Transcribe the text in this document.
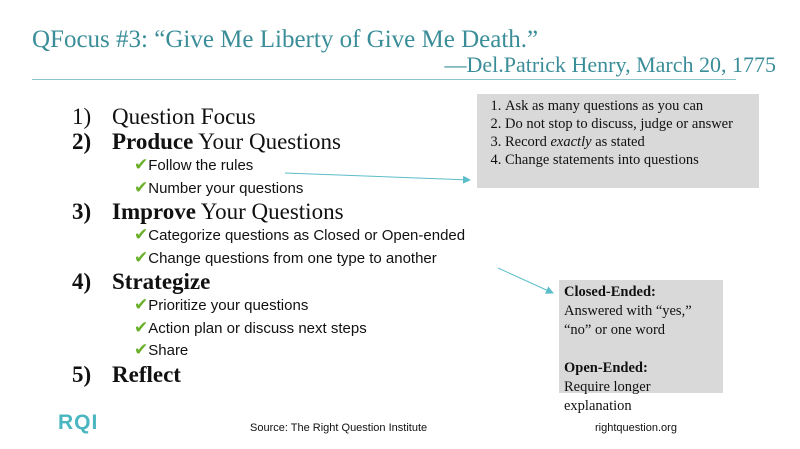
QFocus #3: “Give Me Liberty of Give Me Death.”
—Del.Patrick Henry, March 20, 1775
1) Question Focus
2) Produce Your Questions
✔Follow the rules
✔Number your questions
3) Improve Your Questions
✔Categorize questions as Closed or Open-ended
✔Change questions from one type to another
4) Strategize
✔Prioritize your questions
✔Action plan or discuss next steps
✔Share
5) Reflect
1. Ask as many questions as you can
2. Do not stop to discuss, judge or answer
3. Record exactly as stated
4. Change statements into questions
Closed-Ended:
Answered with “yes,” “no” or one word
Open-Ended:
Require longer explanation
RQI	Source: The Right Question Institute	rightquestion.org
